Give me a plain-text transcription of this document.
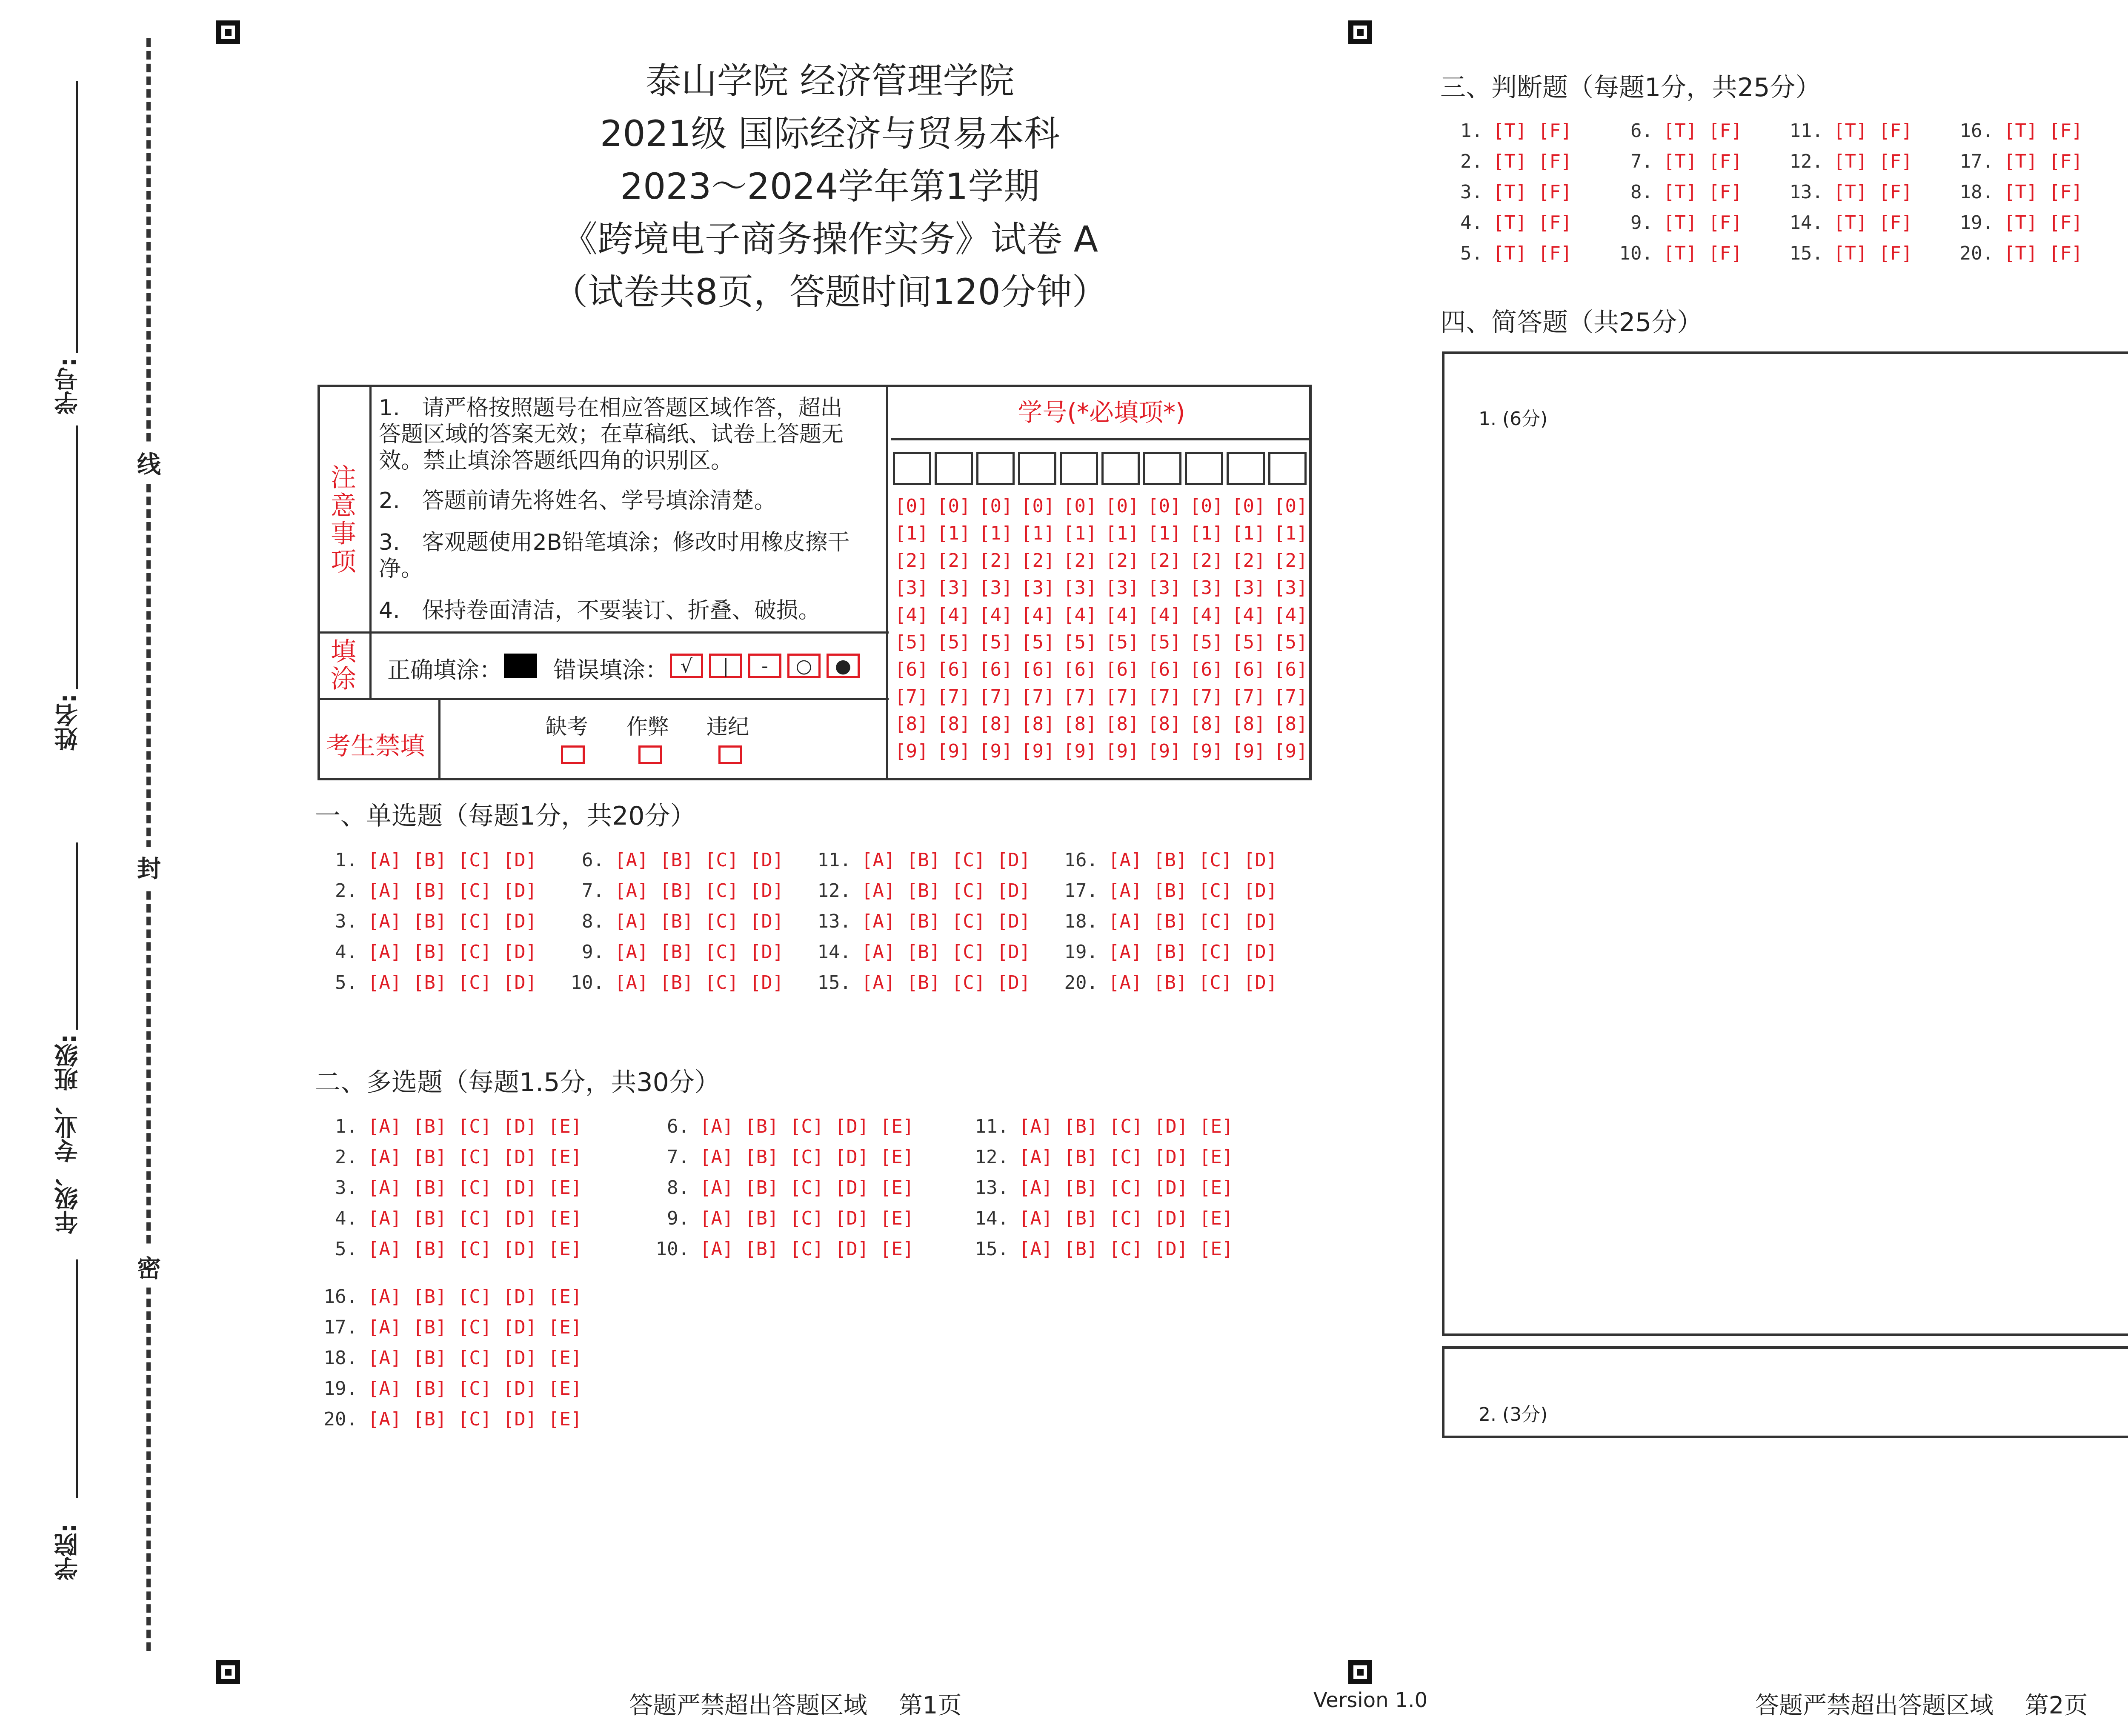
线
封
密
学号:
姓名:
年级、专业、班级:
学院:
泰山学院 经济管理学院
2021级 国际经济与贸易本科
2023～2024学年第1学期
《跨境电子商务操作实务》试卷 A
（试卷共8页，答题时间120分钟）
注
意
事
项
1.　请严格按照题号在相应答题区域作答，超出答题区域的答案无效；在草稿纸、试卷上答题无效。禁止填涂答题纸四角的识别区。
2.　答题前请先将姓名、学号填涂清楚。
3.　客观题使用2B铅笔填涂；修改时用橡皮擦干净。
4.　保持卷面清洁，不要装订、折叠、破损。
填
涂 正确填涂： 错误填涂： √	|	-	○	●
考生禁填
缺考 作弊 违纪
学号(*必填项*)
[0] [0] [0] [0] [0] [0] [0] [0] [0] [0]
[1] [1] [1] [1] [1] [1] [1] [1] [1] [1]
[2] [2] [2] [2] [2] [2] [2] [2] [2] [2]
[3] [3] [3] [3] [3] [3] [3] [3] [3] [3]
[4] [4] [4] [4] [4] [4] [4] [4] [4] [4]
[5] [5] [5] [5] [5] [5] [5] [5] [5] [5]
[6] [6] [6] [6] [6] [6] [6] [6] [6] [6]
[7] [7] [7] [7] [7] [7] [7] [7] [7] [7]
[8] [8] [8] [8] [8] [8] [8] [8] [8] [8]
[9] [9] [9] [9] [9] [9] [9] [9] [9] [9]
一、单选题（每题1分，共20分）
1. [A] [B] [C] [D]
2. [A] [B] [C] [D]
3. [A] [B] [C] [D]
4. [A] [B] [C] [D]
5. [A] [B] [C] [D]
6. [A] [B] [C] [D]
7. [A] [B] [C] [D]
8. [A] [B] [C] [D]
9. [A] [B] [C] [D]
10. [A] [B] [C] [D]
11. [A] [B] [C] [D]
12. [A] [B] [C] [D]
13. [A] [B] [C] [D]
14. [A] [B] [C] [D]
15. [A] [B] [C] [D]
16. [A] [B] [C] [D]
17. [A] [B] [C] [D]
18. [A] [B] [C] [D]
19. [A] [B] [C] [D]
20. [A] [B] [C] [D]
二、多选题（每题1.5分，共30分）
1. [A] [B] [C] [D] [E]
2. [A] [B] [C] [D] [E]
3. [A] [B] [C] [D] [E]
4. [A] [B] [C] [D] [E]
5. [A] [B] [C] [D] [E]
6. [A] [B] [C] [D] [E]
7. [A] [B] [C] [D] [E]
8. [A] [B] [C] [D] [E]
9. [A] [B] [C] [D] [E]
10. [A] [B] [C] [D] [E]
11. [A] [B] [C] [D] [E]
12. [A] [B] [C] [D] [E]
13. [A] [B] [C] [D] [E]
14. [A] [B] [C] [D] [E]
15. [A] [B] [C] [D] [E]
16. [A] [B] [C] [D] [E]
17. [A] [B] [C] [D] [E]
18. [A] [B] [C] [D] [E]
19. [A] [B] [C] [D] [E]
20. [A] [B] [C] [D] [E]
三、判断题（每题1分，共25分）
1. [T] [F]
2. [T] [F]
3. [T] [F]
4. [T] [F]
5. [T] [F]
6. [T] [F]
7. [T] [F]
8. [T] [F]
9. [T] [F]
10. [T] [F]
11. [T] [F]
12. [T] [F]
13. [T] [F]
14. [T] [F]
15. [T] [F]
16. [T] [F]
17. [T] [F]
18. [T] [F]
19. [T] [F]
20. [T] [F]
四、简答题（共25分）
1. (6分)
2. (3分)
答题严禁超出答题区域　 第1页	Version 1.0	答题严禁超出答题区域　 第2页
